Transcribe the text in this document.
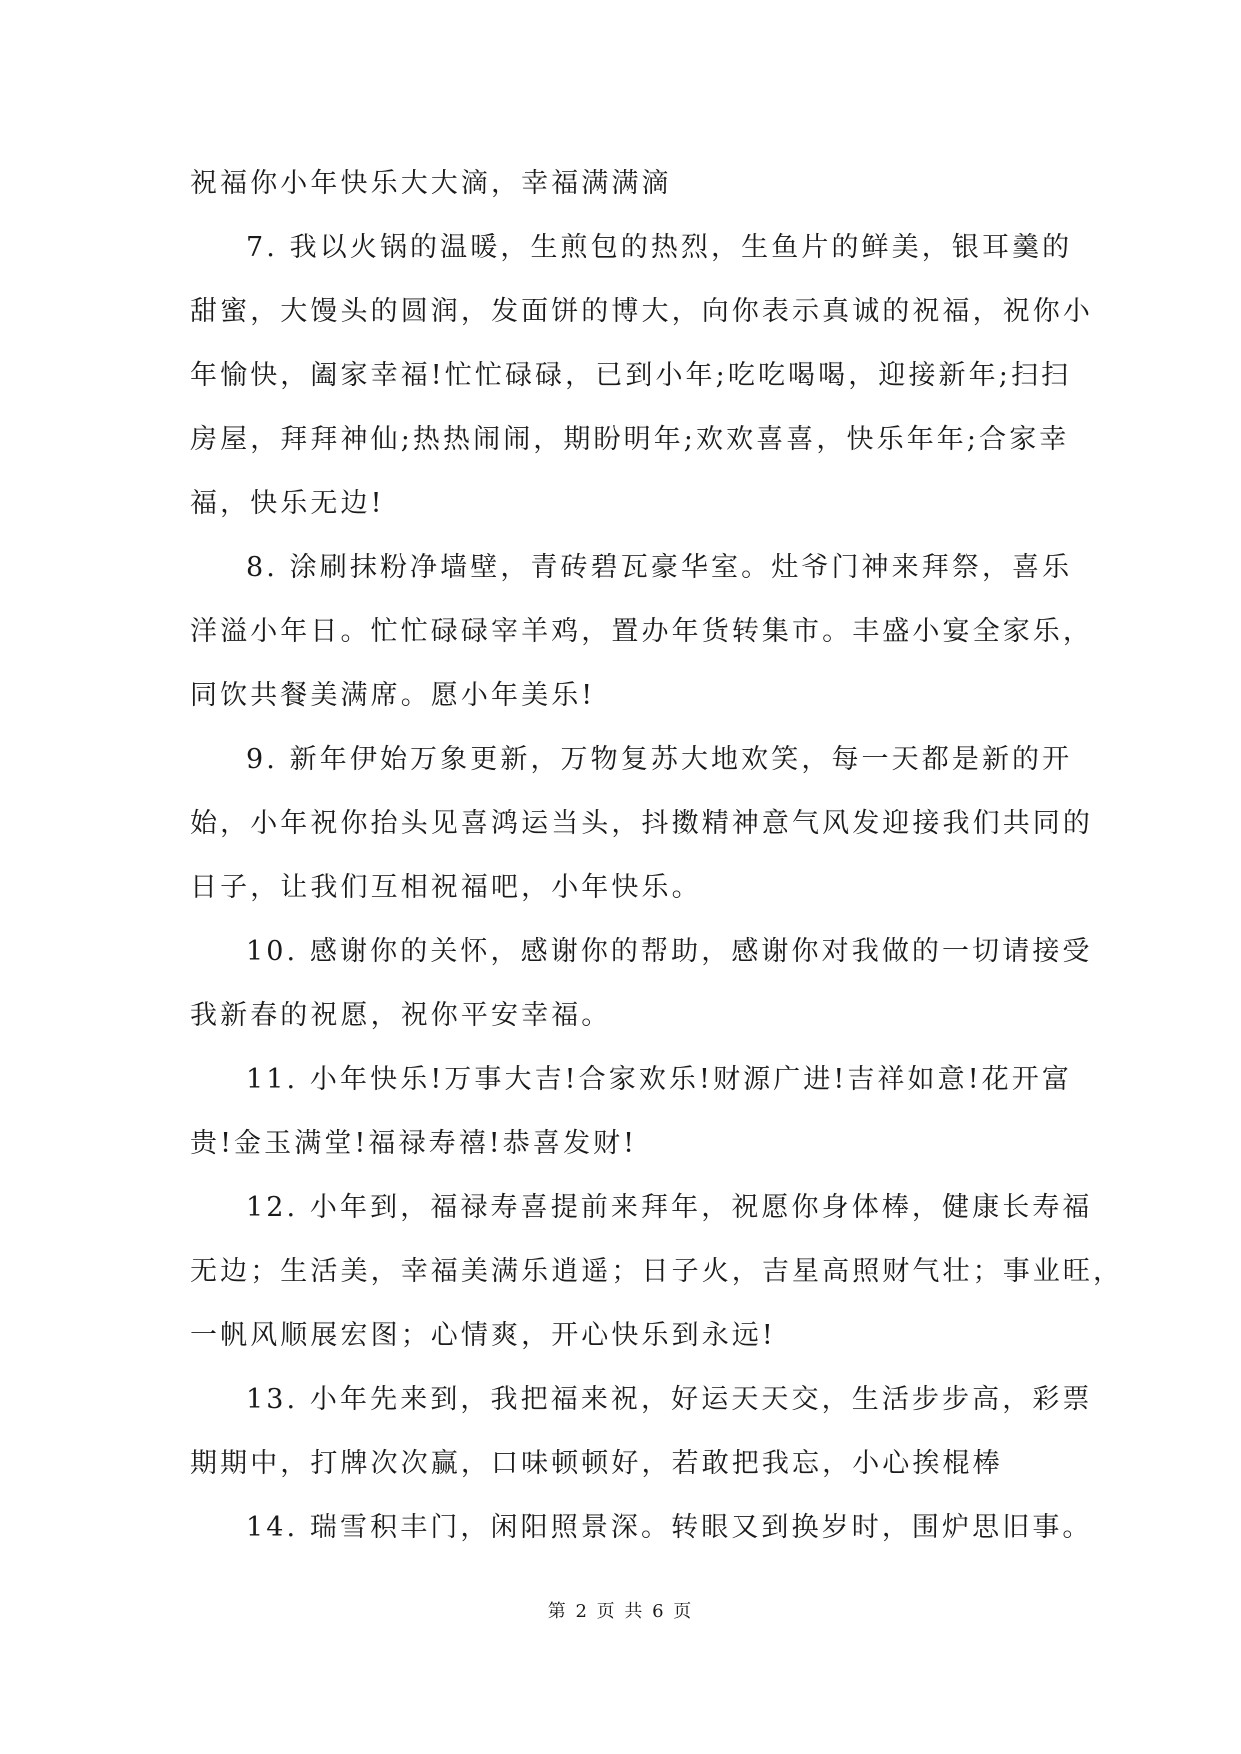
祝福你小年快乐大大滴，幸福满满滴
7. 我以火锅的温暖，生煎包的热烈，生鱼片的鲜美，银耳羹的
甜蜜，大馒头的圆润，发面饼的博大，向你表示真诚的祝福，祝你小
年愉快，阖家幸福!忙忙碌碌，已到小年;吃吃喝喝，迎接新年;扫扫
房屋，拜拜神仙;热热闹闹，期盼明年;欢欢喜喜，快乐年年;合家幸
福，快乐无边!
8. 涂刷抹粉净墙壁，青砖碧瓦豪华室。灶爷门神来拜祭，喜乐
洋溢小年日。忙忙碌碌宰羊鸡，置办年货转集市。丰盛小宴全家乐，
同饮共餐美满席。愿小年美乐!
9. 新年伊始万象更新，万物复苏大地欢笑，每一天都是新的开
始，小年祝你抬头见喜鸿运当头，抖擞精神意气风发迎接我们共同的
日子，让我们互相祝福吧，小年快乐。
10. 感谢你的关怀，感谢你的帮助，感谢你对我做的一切请接受
我新春的祝愿，祝你平安幸福。
11. 小年快乐!万事大吉!合家欢乐!财源广进!吉祥如意!花开富
贵!金玉满堂!福禄寿禧!恭喜发财!
12. 小年到，福禄寿喜提前来拜年，祝愿你身体棒，健康长寿福
无边；生活美，幸福美满乐逍遥；日子火，吉星高照财气壮；事业旺，
一帆风顺展宏图；心情爽，开心快乐到永远!
13. 小年先来到，我把福来祝，好运天天交，生活步步高，彩票
期期中，打牌次次赢，口味顿顿好，若敢把我忘，小心挨棍棒
14. 瑞雪积丰门，闲阳照景深。转眼又到换岁时，围炉思旧事。
第 2 页 共 6 页
